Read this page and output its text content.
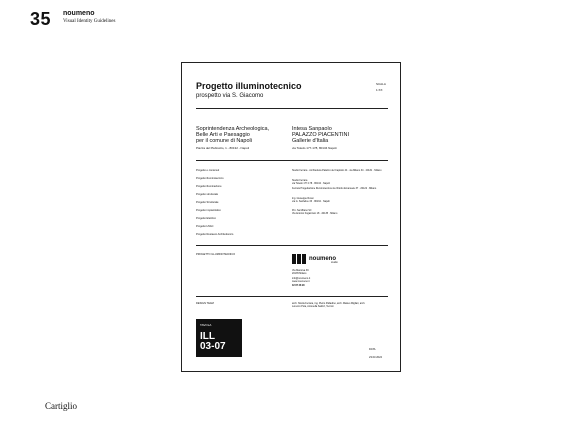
35 noumeno
Visual Identity Guidelines
Progetto illuminotecnico
prospetto via S. Giacomo
SCALA
1:XX
Soprintendenza Archeologica,
Belle Arti e Paesaggio
per il comune di Napoli
Piazza del Plebiscito, 1 - 80132 - Napoli
Intesa Sanpaolo
PALAZZO PIACENTINI
Gallerie d'Italia
via Toledo 177-178, 80134 Napoli
Progetto e contenuti
Progetto illuminotecnico
Progetto illuminazione
Progetto strutturale
Progetto Strutturale
Progetto impiantistico
Progetto Elettrico
Progetto HVAC
Progetto Restauro Architettonico
Studio Ferrara · Architettura Palazzo del Capitolo 44 · via Milano 34 · 20131 · Milano
Studio Ferrara
via Toledo 177-178 · 80134 · Napoli
Ferrara Progettazione Illuminotecnica via Vittorio Emanuele 37 · 20122 · Milano
Ing. Giuseppe Rossi
via G. Sanfelice 33 · 80134 · Napoli
Pro. Sa Milano Srl
Via Antonio Fogazzaro 18 · 20135 · Milano
PROGETTO ILLUMINOTECNICO
noumeno
studio
Via Mantova 39
20135 Milano
info@noumeno.it
www.noumeno.it
02 87 28 90
DESIGN TEAM	arch. Nicola Ferrara, ing. Pietro Palladino, arch. Matteo Migliari, arch. Lorenzo Pola, Antonella Satizzi, Tecnici
TAVOLA
ILL
03-07	DATA
23.03.2024
Cartiglio
